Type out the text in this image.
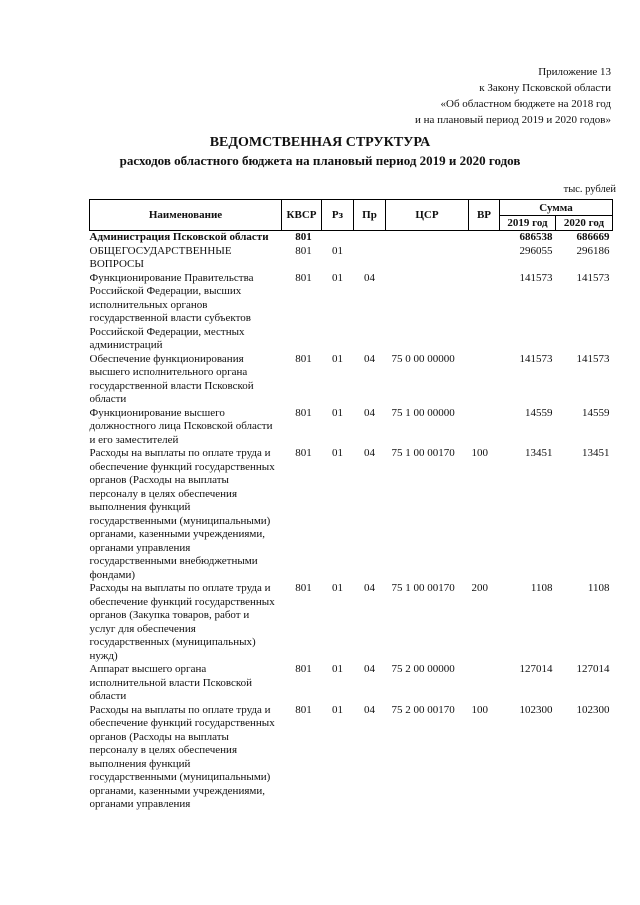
Приложение 13
к Закону Псковской области
«Об областном бюджете на 2018 год
и на плановый период 2019 и 2020 годов»
ВЕДОМСТВЕННАЯ СТРУКТУРА
расходов областного бюджета на плановый период 2019 и 2020 годов
тыс. рублей
Наименование	КВСР	Рз	Пр	ЦСР	ВР	Сумма	
						2019 год	2020 год
Администрация Псковской области	801					686538	686669
ОБЩЕГОСУДАРСТВЕННЫЕ ВОПРОСЫ	801	01				296055	296186
Функционирование Правительства Российской Федерации, высших исполнительных органов государственной власти субъектов Российской Федерации, местных администраций	801	01	04			141573	141573
Обеспечение функционирования высшего исполнительного органа государственной власти Псковской области	801	01	04	75 0 00 00000		141573	141573
Функционирование высшего должностного лица Псковской области и его заместителей	801	01	04	75 1 00 00000		14559	14559
Расходы на выплаты по оплате труда и обеспечение функций государственных органов (Расходы на выплаты персоналу в целях обеспечения выполнения функций государственными (муниципальными) органами, казенными учреждениями, органами управления государственными внебюджетными фондами)	801	01	04	75 1 00 00170	100	13451	13451
Расходы на выплаты по оплате труда и обеспечение функций государственных органов (Закупка товаров, работ и услуг для обеспечения государственных (муниципальных) нужд)	801	01	04	75 1 00 00170	200	1108	1108
Аппарат высшего органа исполнительной власти Псковской области	801	01	04	75 2 00 00000		127014	127014
Расходы на выплаты по оплате труда и обеспечение функций государственных органов (Расходы на выплаты персоналу в целях обеспечения выполнения функций государственными (муниципальными) органами, казенными учреждениями, органами управления	801	01	04	75 2 00 00170	100	102300	102300
